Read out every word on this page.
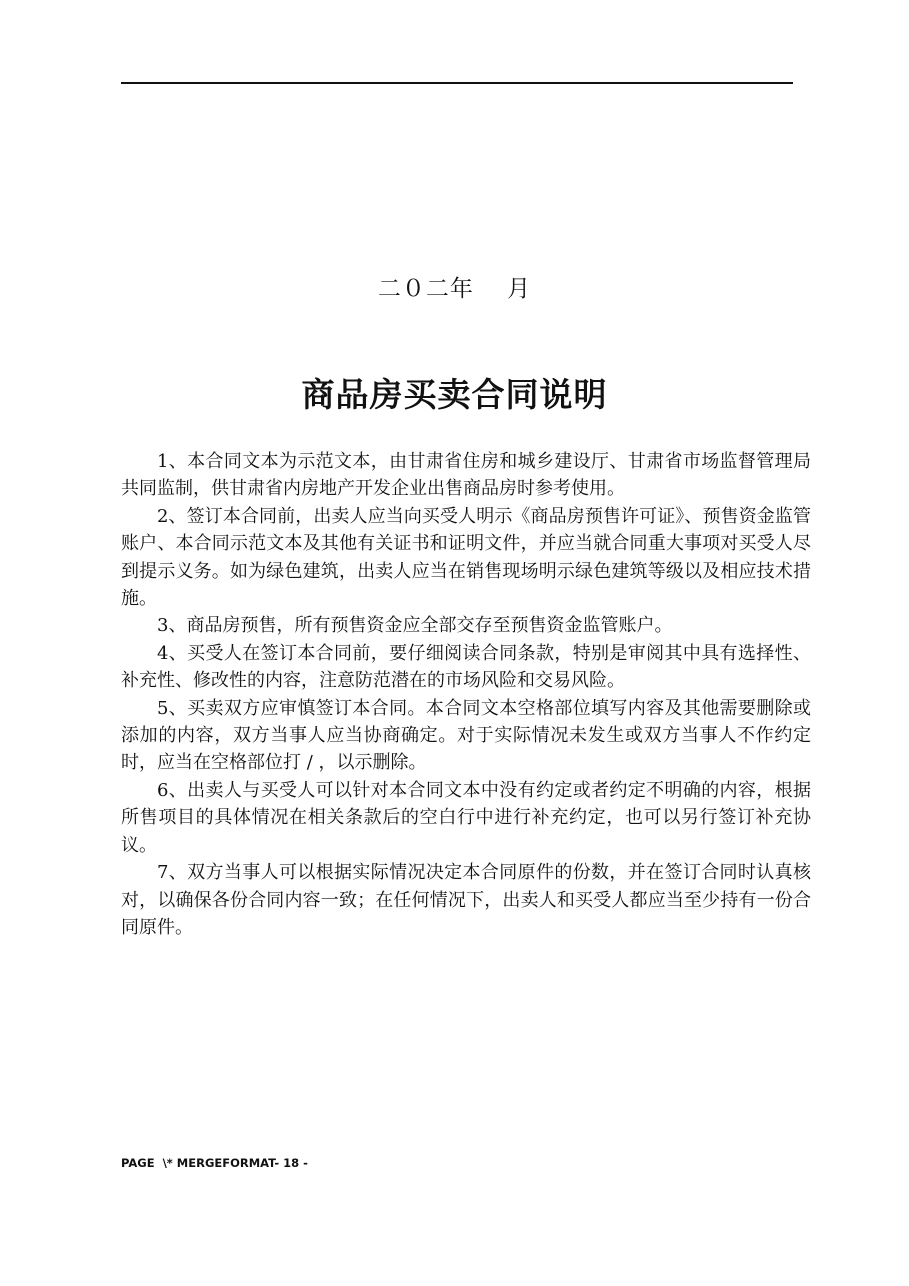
二０二年    月
商品房买卖合同说明

1、本合同文本为示范文本，由甘肃省住房和城乡建设厅、甘肃省市场监督管理局共同监制，供甘肃省内房地产开发企业出售商品房时参考使用。

2、签订本合同前，出卖人应当向买受人明示《商品房预售许可证》、预售资金监管账户、本合同示范文本及其他有关证书和证明文件，并应当就合同重大事项对买受人尽到提示义务。如为绿色建筑，出卖人应当在销售现场明示绿色建筑等级以及相应技术措施。

3、商品房预售，所有预售资金应全部交存至预售资金监管账户。

4、买受人在签订本合同前，要仔细阅读合同条款，特别是审阅其中具有选择性、补充性、修改性的内容，注意防范潜在的市场风险和交易风险。

5、买卖双方应审慎签订本合同。本合同文本空格部位填写内容及其他需要删除或添加的内容，双方当事人应当协商确定。对于实际情况未发生或双方当事人不作约定时，应当在空格部位打 / ，以示删除。

6、出卖人与买受人可以针对本合同文本中没有约定或者约定不明确的内容，根据所售项目的具体情况在相关条款后的空白行中进行补充约定，也可以另行签订补充协议。

7、双方当事人可以根据实际情况决定本合同原件的份数，并在签订合同时认真核对，以确保各份合同内容一致；在任何情况下，出卖人和买受人都应当至少持有一份合同原件。

PAGE  \* MERGEFORMAT- 18 -
